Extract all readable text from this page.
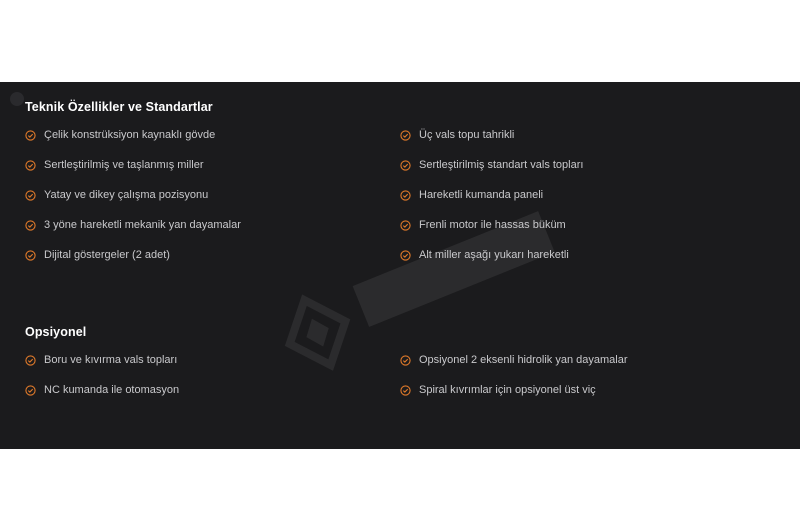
Teknik Özellikler ve Standartlar
Çelik konstrüksiyon kaynaklı gövde
Sertleştirilmiş ve taşlanmış miller
Yatay ve dikey çalışma pozisyonu
3 yöne hareketli mekanik yan dayamalar
Dijital göstergeler (2 adet)
Üç vals topu tahrikli
Sertleştirilmiş standart vals topları
Hareketli kumanda paneli
Frenli motor ile hassas büküm
Alt miller aşağı yukarı hareketli
Opsiyonel
Boru ve kıvırma vals topları
NC kumanda ile otomasyon
Opsiyonel 2 eksenli hidrolik yan dayamalar
Spiral kıvrımlar için opsiyonel üst viç
